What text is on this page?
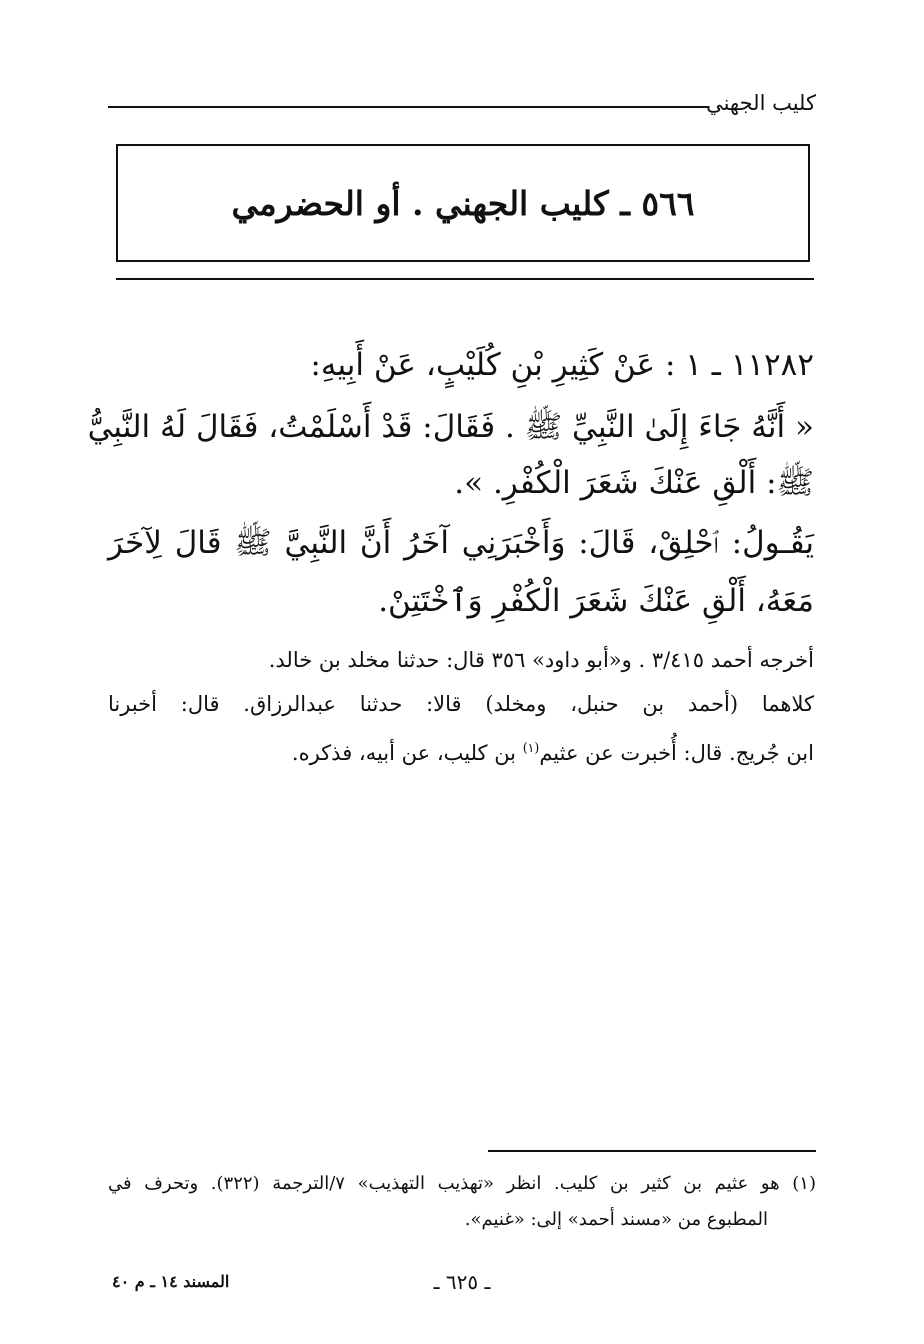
كليب الجهني
٥٦٦ ـ كليب الجهني . أو الحضرمي
١١٢٨٢ ـ ١ : عَنْ كَثِيرِ بْنِ كُلَيْبٍ، عَنْ أَبِيهِ:
« أَنَّهُ جَاءَ إِلَىٰ النَّبِيِّ ﷺ . فَقَالَ: قَدْ أَسْلَمْتُ، فَقَالَ لَهُ النَّبِيُّ
ﷺ: أَلْقِ عَنْكَ شَعَرَ الْكُفْرِ. ».
يَقُـولُ: ٱحْلِقْ، قَالَ: وَأَخْبَرَنِي آخَرُ أَنَّ النَّبِيَّ ﷺ قَالَ لِآخَرَ
مَعَهُ، أَلْقِ عَنْكَ شَعَرَ الْكُفْرِ وَٱخْتَتِنْ.
أخرجه أحمد ٣/٤١٥ . و«أبو داود» ٣٥٦ قال: حدثنا مخلد بن خالد.
كلاهما (أحمد بن حنبل، ومخلد) قالا: حدثنا عبدالرزاق. قال: أخبرنا
ابن جُريج. قال: أُخبرت عن عثيم$^{(١)}$ بن كليب، عن أبيه، فذكره.
(١) هو عثيم بن كثير بن كليب. انظر «تهذيب التهذيب» ٧/الترجمة (٣٢٢). وتحرف في
المطبوع من «مسند أحمد» إلى: «غنيم».
ـ ٦٢٥ ـ
المسند ١٤ ـ م ٤٠
